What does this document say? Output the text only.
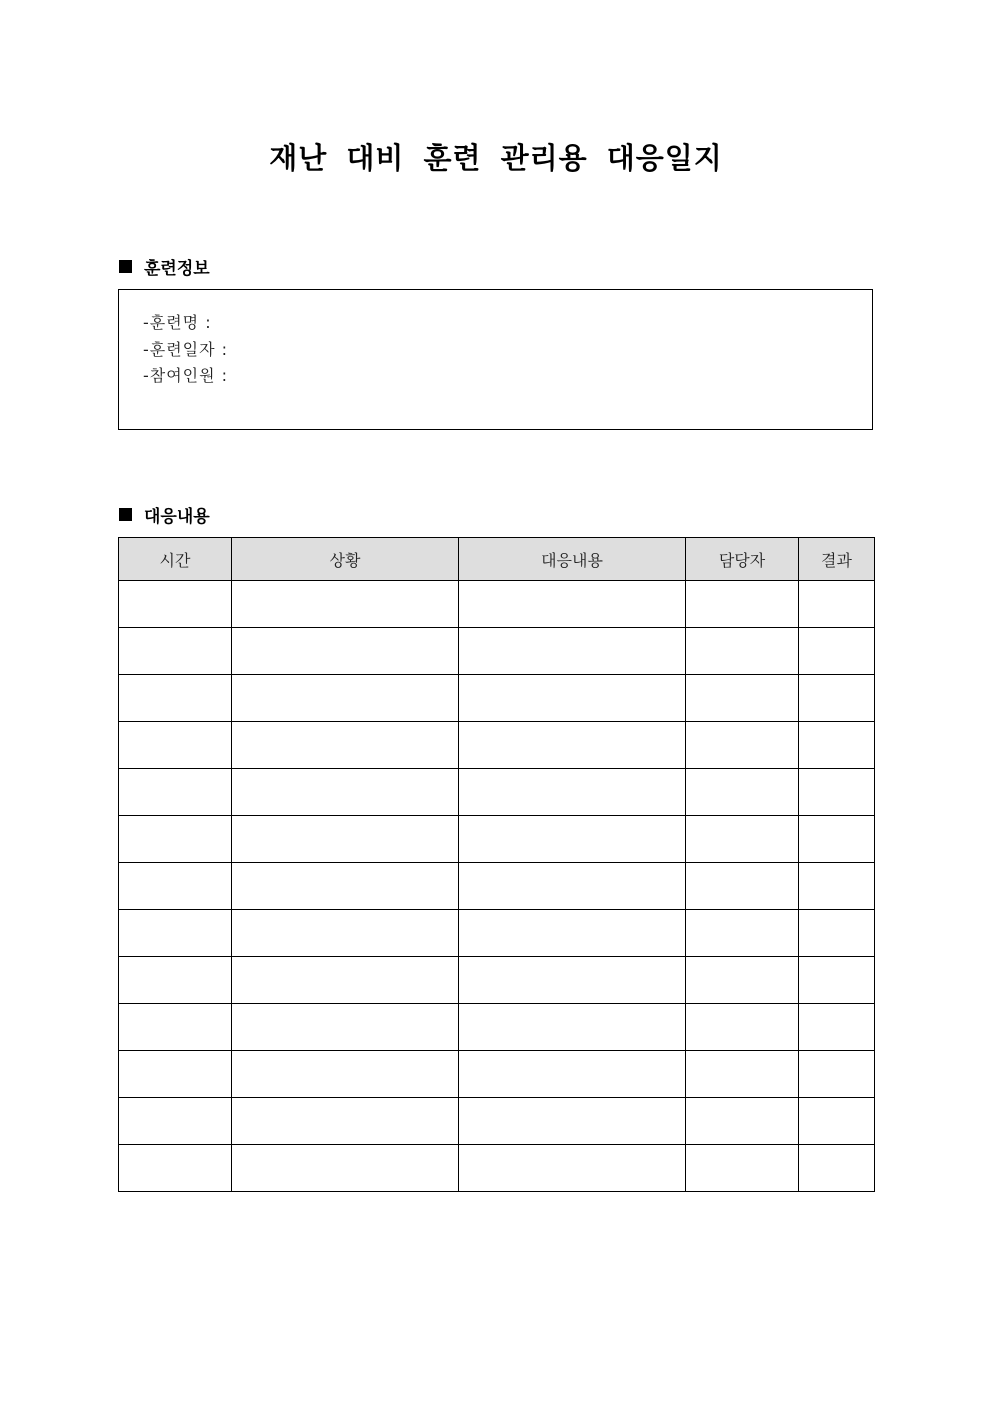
재난 대비 훈련 관리용 대응일지
훈련정보
-훈련명 :
-훈련일자 :
-참여인원 :
대응내용
시간	상황	대응내용	담당자	결과
